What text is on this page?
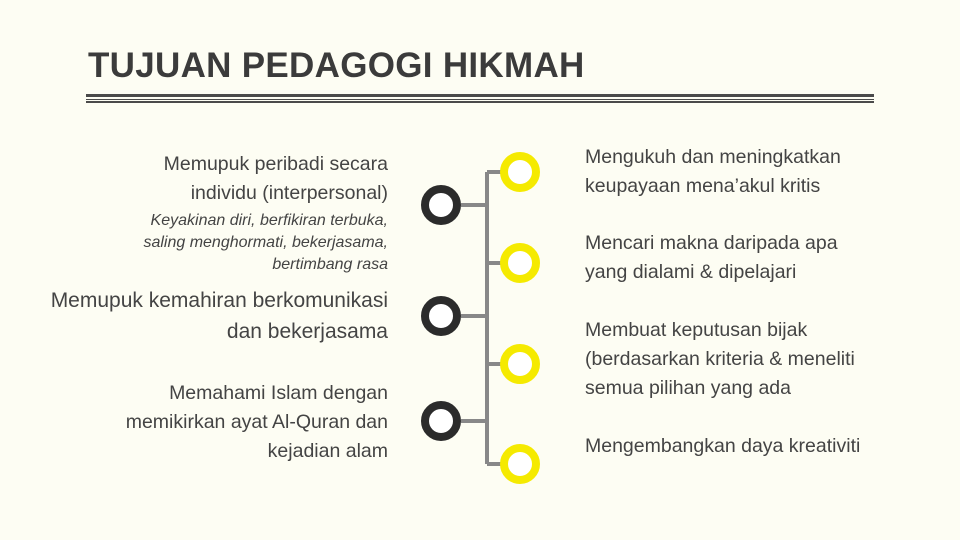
TUJUAN PEDAGOGI HIKMAH
Memupuk peribadi secara
individu (interpersonal)
Keyakinan diri, berfikiran terbuka,
saling menghormati, bekerjasama,
bertimbang rasa
Memupuk kemahiran berkomunikasi
dan bekerjasama
Memahami Islam dengan
memikirkan ayat Al-Quran dan
kejadian alam
Mengukuh dan meningkatkan
keupayaan mena’akul kritis
Mencari makna daripada apa
yang dialami & dipelajari
Membuat keputusan bijak
(berdasarkan kriteria & meneliti
semua pilihan yang ada
Mengembangkan daya kreativiti
